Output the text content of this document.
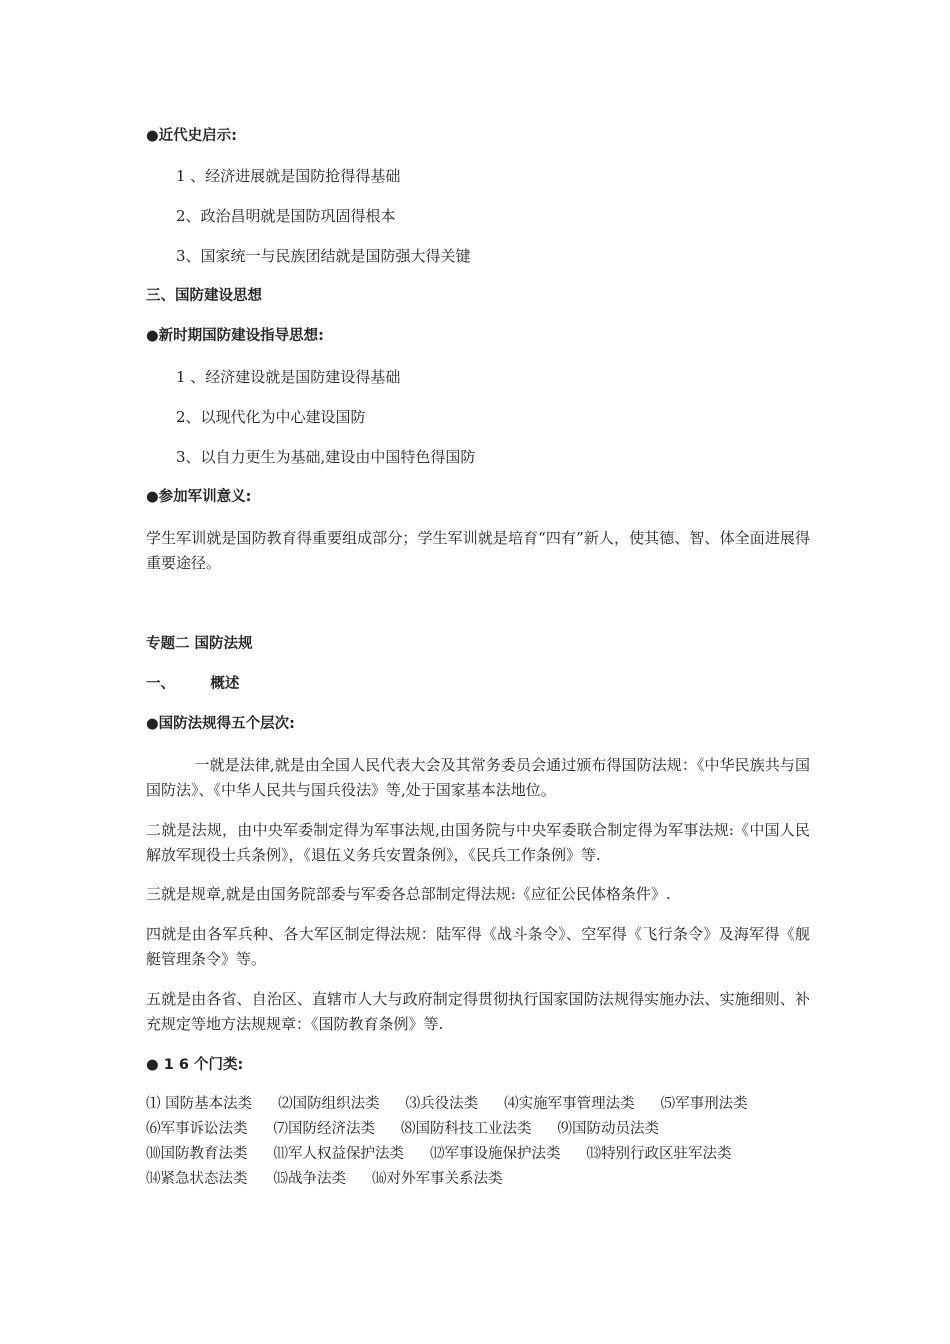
●近代史启示:
1 、经济进展就是国防抢得得基础
2、政治昌明就是国防巩固得根本
3、国家统一与民族团结就是国防强大得关键
三、国防建设思想
●新时期国防建设指导思想:
1 、经济建设就是国防建设得基础
2、以现代化为中心建设国防
3、以自力更生为基础,建设由中国特色得国防
●参加军训意义:
学生军训就是国防教育得重要组成部分；学生军训就是培育“四有”新人，使其德、智、体全面进展得重要途径。
专题二 国防法规
一、       概述
●国防法规得五个层次:
一就是法律,就是由全国人民代表大会及其常务委员会通过颁布得国防法规：《中华民族共与国国防法》、《中华人民共与国兵役法》等,处于国家基本法地位。
二就是法规，由中央军委制定得为军事法规,由国务院与中央军委联合制定得为军事法规:《中国人民解放军现役士兵条例》，《退伍义务兵安置条例》，《民兵工作条例》等.
三就是规章,就是由国务院部委与军委各总部制定得法规:《应征公民体格条件》.
四就是由各军兵种、各大军区制定得法规：陆军得《战斗条令》、空军得《飞行条令》及海军得《舰艇管理条令》等。
五就是由各省、自治区、直辖市人大与政府制定得贯彻执行国家国防法规得实施办法、实施细则、补充规定等地方法规规章：《国防教育条例》等.
● 1 6 个门类:
⑴ 国防基本法类 ⑵国防组织法类 ⑶兵役法类 ⑷实施军事管理法类 ⑸军事刑法类⑹军事诉讼法类 ⑺国防经济法类 ⑻国防科技工业法类 ⑼国防动员法类⑽国防教育法类 ⑾军人权益保护法类 ⑿军事设施保护法类 ⒀特别行政区驻军法类⒁紧急状态法类 ⒂战争法类 ⒃对外军事关系法类
